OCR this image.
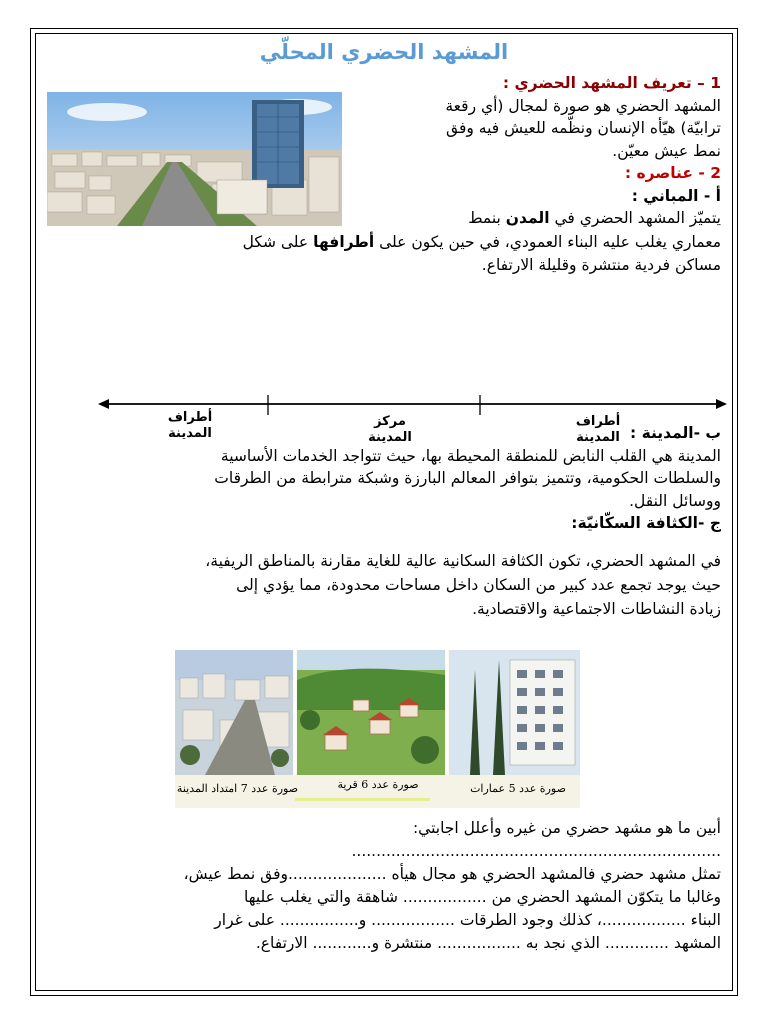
المشهد الحضري المحلّي
1 – تعريف المشهد الحضري :
المشهد الحضري هو صورة لمجال (أي رقعة
ترابيّة) هيّأه الإنسان ونظّمه للعيش فيه وفق
نمط عيش معيّن.
2 - عناصره :
أ - المباني :
يتميّز المشهد الحضري في المدن بنمط
معماري يغلب عليه البناء العمودي، في حين يكون على أطرافها على شكل
مساكن فردية منتشرة وقليلة الارتفاع.
أطراف
المدينة
مركز
المدينة
أطراف
المدينة ب -المدينة :
المدينة هي القلب النابض للمنطقة المحيطة بها، حيث تتواجد الخدمات الأساسية
والسلطات الحكومية، وتتميز بتوافر المعالم البارزة وشبكة مترابطة من الطرقات
ووسائل النقل.
ج -الكثافة السكّانيّة:
في المشهد الحضري، تكون الكثافة السكانية عالية للغاية مقارنة بالمناطق الريفية،
حيث يوجد تجمع عدد كبير من السكان داخل مساحات محدودة، مما يؤدي إلى
زيادة النشاطات الاجتماعية والاقتصادية.
صورة عدد 5 عمارات
صورة عدد 6 قرية
صورة عدد 7 امتداد المدينة
أبين ما هو مشهد حضري من غيره وأعلل اجابتي:
...........................................................................
تمثل مشهد حضري فالمشهد الحضري هو مجال هيأه ....................وفق نمط عيش،
وغالبا ما يتكوّن المشهد الحضري من ................. شاهقة والتي يغلب عليها
البناء .................، كذلك وجود الطرقات ................. و................ على غرار
المشهد ............. الذي نجد به ................. منتشرة و............ الارتفاع.
